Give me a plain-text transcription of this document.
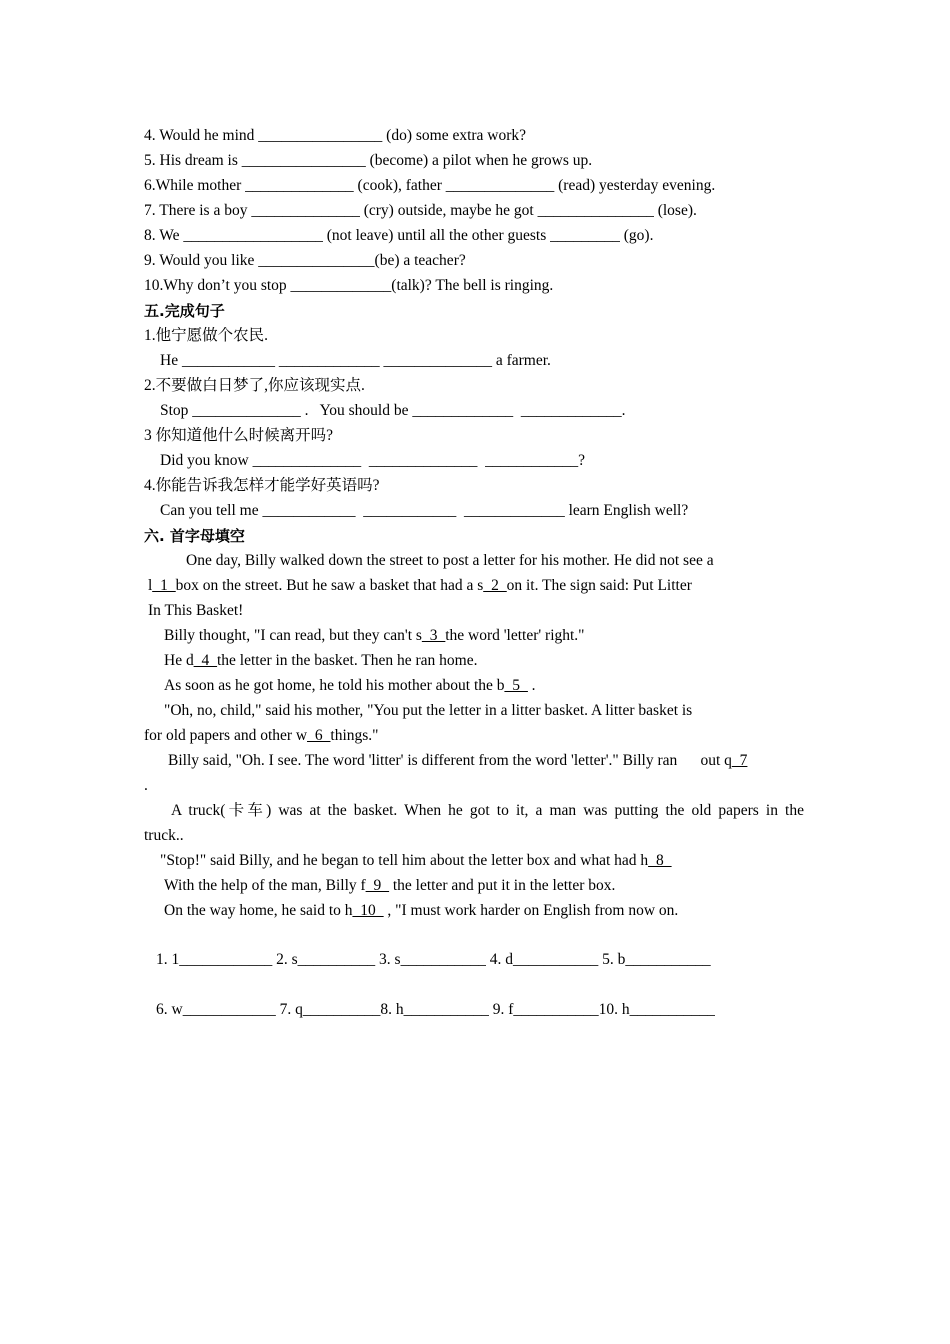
4. Would he mind ________________ (do) some extra work?

5. His dream is ________________ (become) a pilot when he grows up.

6.While mother ______________ (cook), father ______________ (read) yesterday evening.

7. There is a boy ______________ (cry) outside, maybe he got _______________ (lose).

8. We __________________ (not leave) until all the other guests _________ (go).

9. Would you like _______________(be) a teacher?

10.Why don’t you stop _____________(talk)? The bell is ringing.

五.完成句子

1.他宁愿做个农民.

He ____________ _____________ ______________ a farmer.

2.不要做白日梦了,你应该现实点.

Stop ______________ .   You should be _____________  _____________.

3 你知道他什么时候离开吗?

Did you know ______________  ______________  ____________?

4.你能告诉我怎样才能学好英语吗?

Can you tell me ____________  ____________  _____________ learn English well?

六. 首字母填空

One day, Billy walked down the street to post a letter for his mother. He did not see a

l_1_box on the street. But he saw a basket that had a s_2_on it. The sign said: Put Litter

In This Basket!

Billy thought, "I can read, but they can't s_3_the word 'letter' right."

He d_4_the letter in the basket. Then he ran home.

As soon as he got home, he told his mother about the b_5_ .

"Oh, no, child," said his mother, "You put the letter in a litter basket. A litter basket is

for old papers and other w_6_things."

Billy said, "Oh. I see. The word 'litter' is different from the word 'letter'." Billy ran      out q_7

.

A truck(卡车) was at the basket. When he got to it, a man was putting the old papers in the

truck..

"Stop!" said Billy, and he began to tell him about the letter box and what had h_8_

With the help of the man, Billy f_9_ the letter and put it in the letter box.

On the way home, he said to h_10_ , "I must work harder on English from now on.

1. 1____________ 2. s__________ 3. s___________ 4. d___________ 5. b___________

6. w____________ 7. q__________8. h___________ 9. f___________10. h___________
